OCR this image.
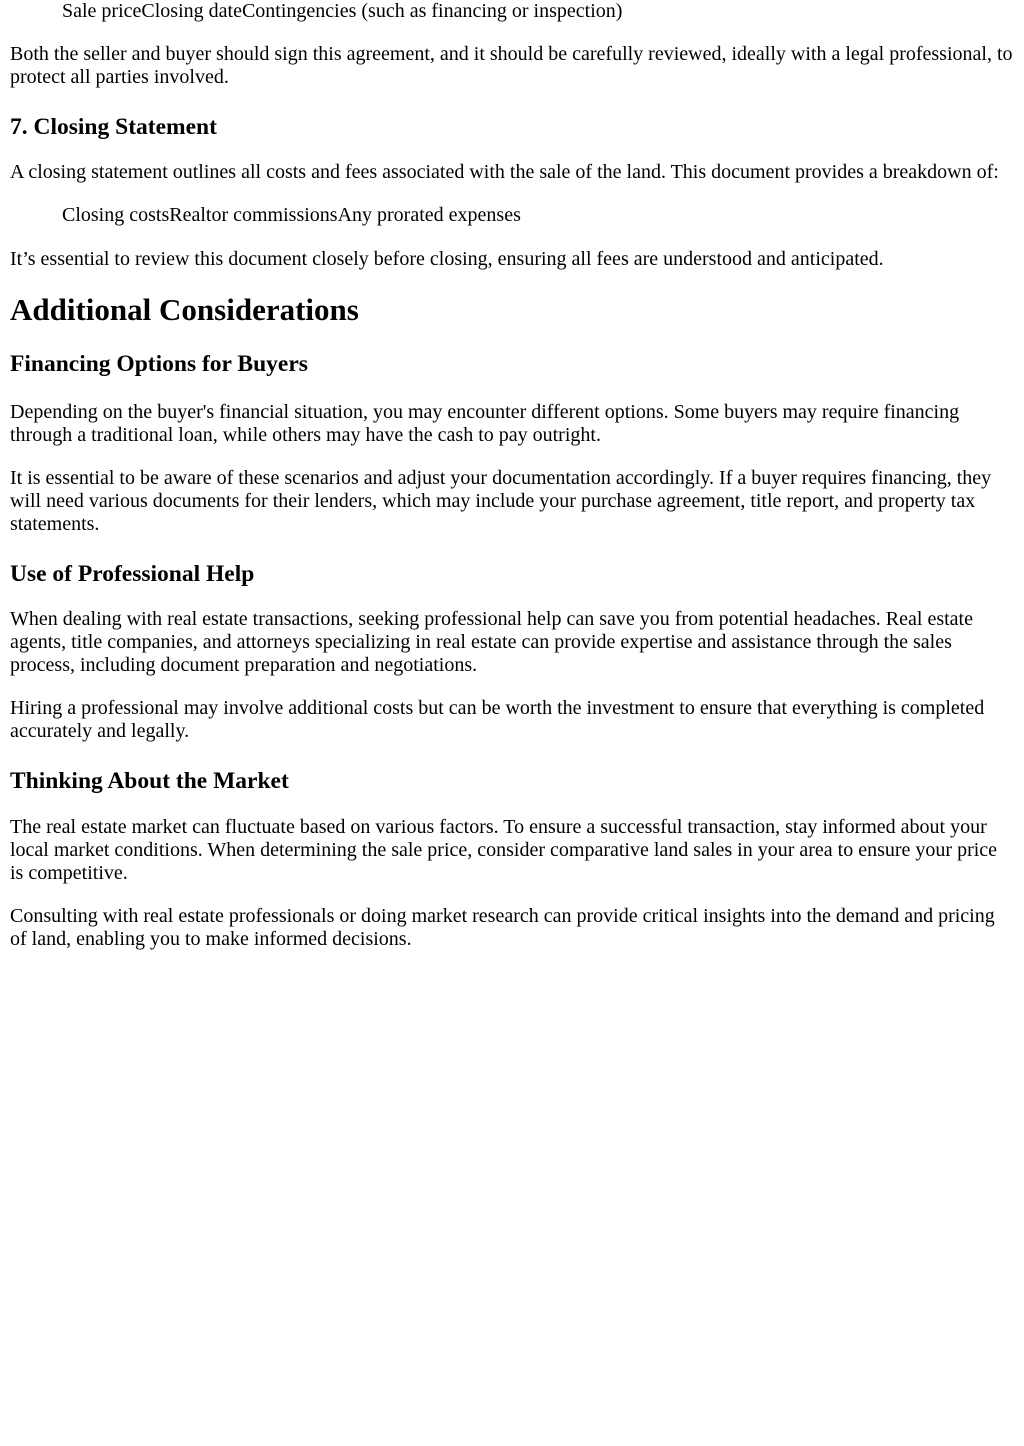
Sale priceClosing dateContingencies (such as financing or inspection)

Both the seller and buyer should sign this agreement, and it should be carefully reviewed, ideally with a legal professional, to protect all parties involved.

7. Closing Statement

A closing statement outlines all costs and fees associated with the sale of the land. This document provides a breakdown of:

Closing costsRealtor commissionsAny prorated expenses

It’s essential to review this document closely before closing, ensuring all fees are understood and anticipated.

Additional Considerations
Financing Options for Buyers

Depending on the buyer's financial situation, you may encounter different options. Some buyers may require financing through a traditional loan, while others may have the cash to pay outright.

It is essential to be aware of these scenarios and adjust your documentation accordingly. If a buyer requires financing, they will need various documents for their lenders, which may include your purchase agreement, title report, and property tax statements.

Use of Professional Help

When dealing with real estate transactions, seeking professional help can save you from potential headaches. Real estate agents, title companies, and attorneys specializing in real estate can provide expertise and assistance through the sales process, including document preparation and negotiations.

Hiring a professional may involve additional costs but can be worth the investment to ensure that everything is completed accurately and legally.

Thinking About the Market

The real estate market can fluctuate based on various factors. To ensure a successful transaction, stay informed about your local market conditions. When determining the sale price, consider comparative land sales in your area to ensure your price is competitive.

Consulting with real estate professionals or doing market research can provide critical insights into the demand and pricing of land, enabling you to make informed decisions.
